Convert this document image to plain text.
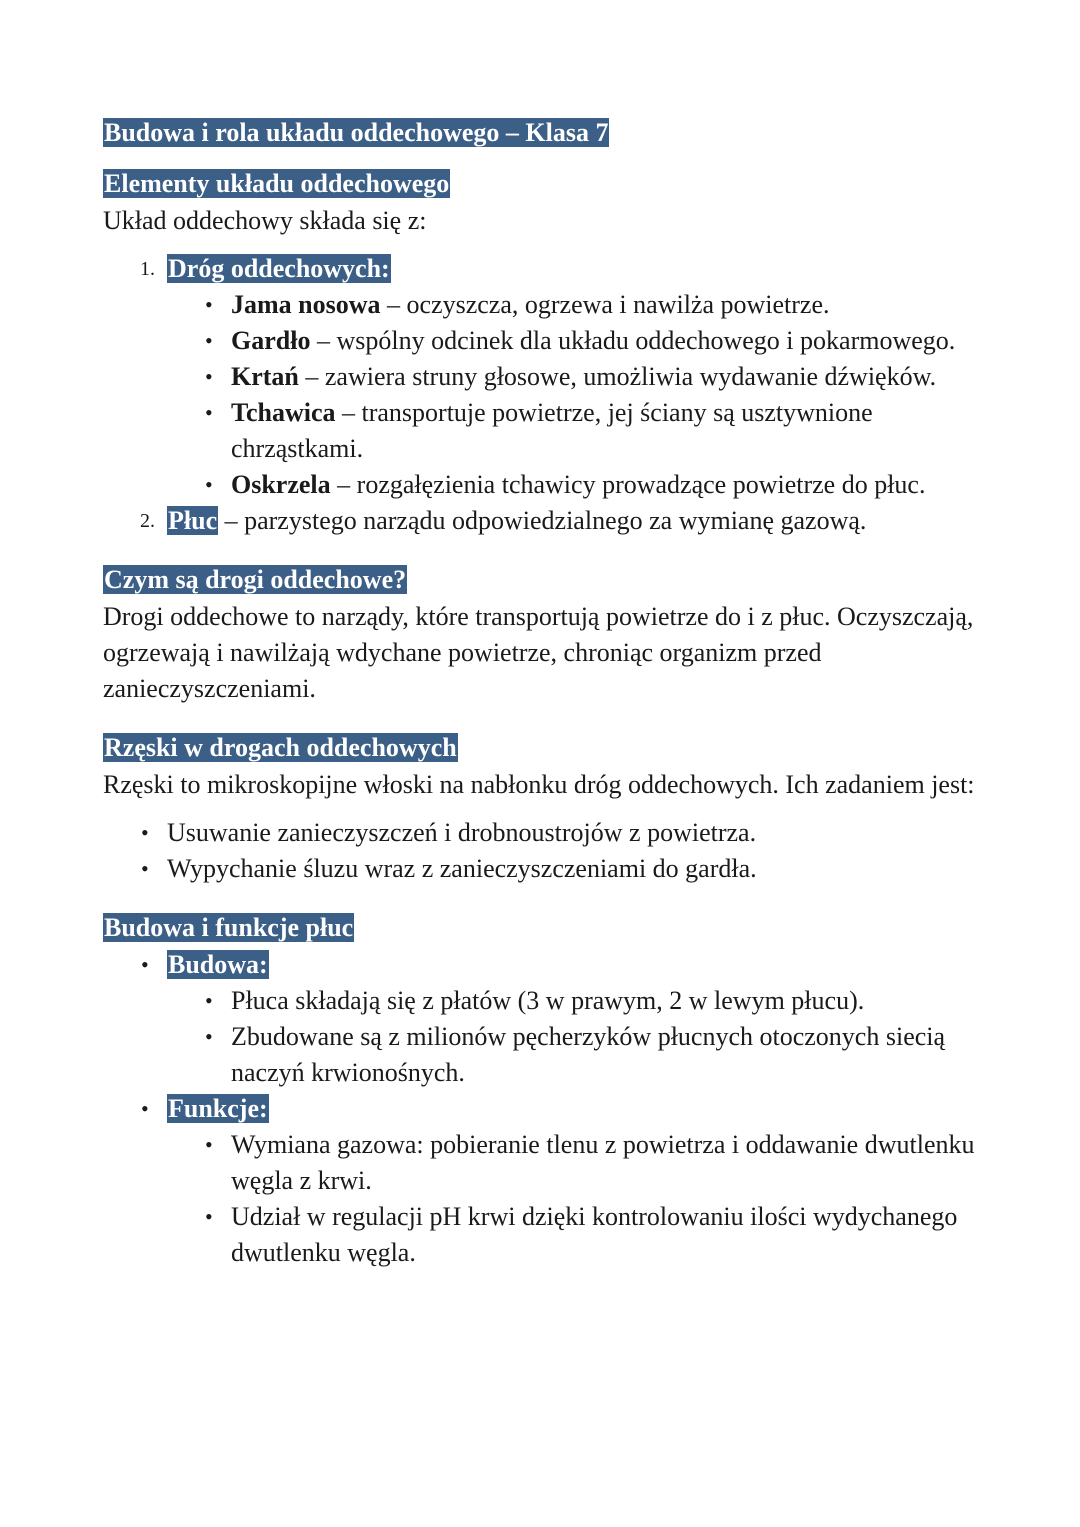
Budowa i rola układu oddechowego – Klasa 7
Elementy układu oddechowego

Układ oddechowy składa się z:

1. Dróg oddechowych:
• Jama nosowa – oczyszcza, ogrzewa i nawilża powietrze.
• Gardło – wspólny odcinek dla układu oddechowego i pokarmowego.
• Krtań – zawiera struny głosowe, umożliwia wydawanie dźwięków.
• Tchawica – transportuje powietrze, jej ściany są usztywnione chrząstkami.
• Oskrzela – rozgałęzienia tchawicy prowadzące powietrze do płuc.
2. Płuc – parzystego narządu odpowiedzialnego za wymianę gazową.
Czym są drogi oddechowe?

Drogi oddechowe to narządy, które transportują powietrze do i z płuc. Oczyszczają, ogrzewają i nawilżają wdychane powietrze, chroniąc organizm przed zanieczyszczeniami.

Rzęski w drogach oddechowych

Rzęski to mikroskopijne włoski na nabłonku dróg oddechowych. Ich zadaniem jest:

• Usuwanie zanieczyszczeń i drobnoustrojów z powietrza.
• Wypychanie śluzu wraz z zanieczyszczeniami do gardła.
Budowa i funkcje płuc
• Budowa:
• Płuca składają się z płatów (3 w prawym, 2 w lewym płucu).
• Zbudowane są z milionów pęcherzyków płucnych otoczonych siecią naczyń krwionośnych.
• Funkcje:
• Wymiana gazowa: pobieranie tlenu z powietrza i oddawanie dwutlenku węgla z krwi.
• Udział w regulacji pH krwi dzięki kontrolowaniu ilości wydychanego dwutlenku węgla.
